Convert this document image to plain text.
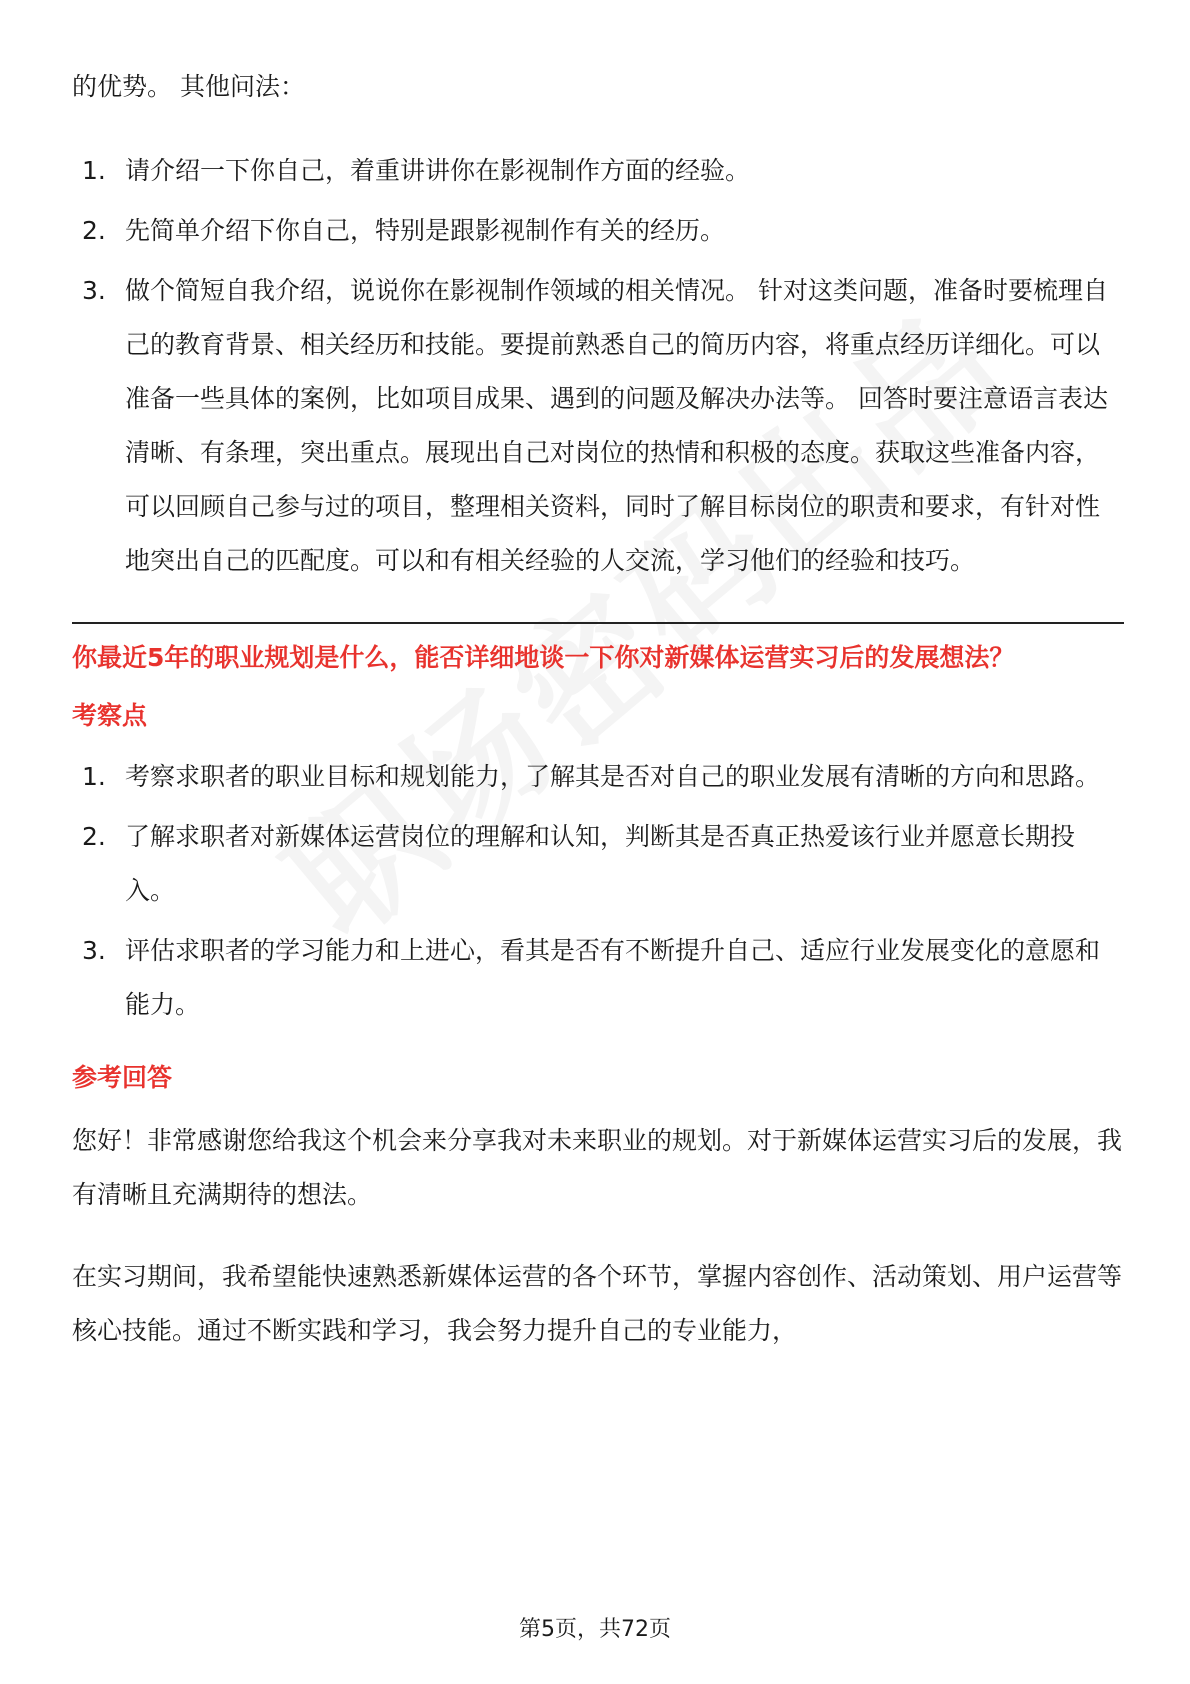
的优势。 其他问法：

1. 请介绍一下你自己，着重讲讲你在影视制作方面的经验。
2. 先简单介绍下你自己，特别是跟影视制作有关的经历。
3. 做个简短自我介绍，说说你在影视制作领域的相关情况。 针对这类问题，准备时要梳理自己的教育背景、相关经历和技能。要提前熟悉自己的简历内容，将重点经历详细化。可以准备一些具体的案例，比如项目成果、遇到的问题及解决办法等。 回答时要注意语言表达清晰、有条理，突出重点。展现出自己对岗位的热情和积极的态度。获取这些准备内容，可以回顾自己参与过的项目，整理相关资料，同时了解目标岗位的职责和要求，有针对性地突出自己的匹配度。可以和有相关经验的人交流，学习他们的经验和技巧。

你最近5年的职业规划是什么，能否详细地谈一下你对新媒体运营实习后的发展想法？

考察点

1. 考察求职者的职业目标和规划能力，了解其是否对自己的职业发展有清晰的方向和思路。
2. 了解求职者对新媒体运营岗位的理解和认知，判断其是否真正热爱该行业并愿意长期投入。
3. 评估求职者的学习能力和上进心，看其是否有不断提升自己、适应行业发展变化的意愿和能力。

参考回答

您好！非常感谢您给我这个机会来分享我对未来职业的规划。对于新媒体运营实习后的发展，我有清晰且充满期待的想法。

在实习期间，我希望能快速熟悉新媒体运营的各个环节，掌握内容创作、活动策划、用户运营等核心技能。通过不断实践和学习，我会努力提升自己的专业能力，

第5页，共72页
